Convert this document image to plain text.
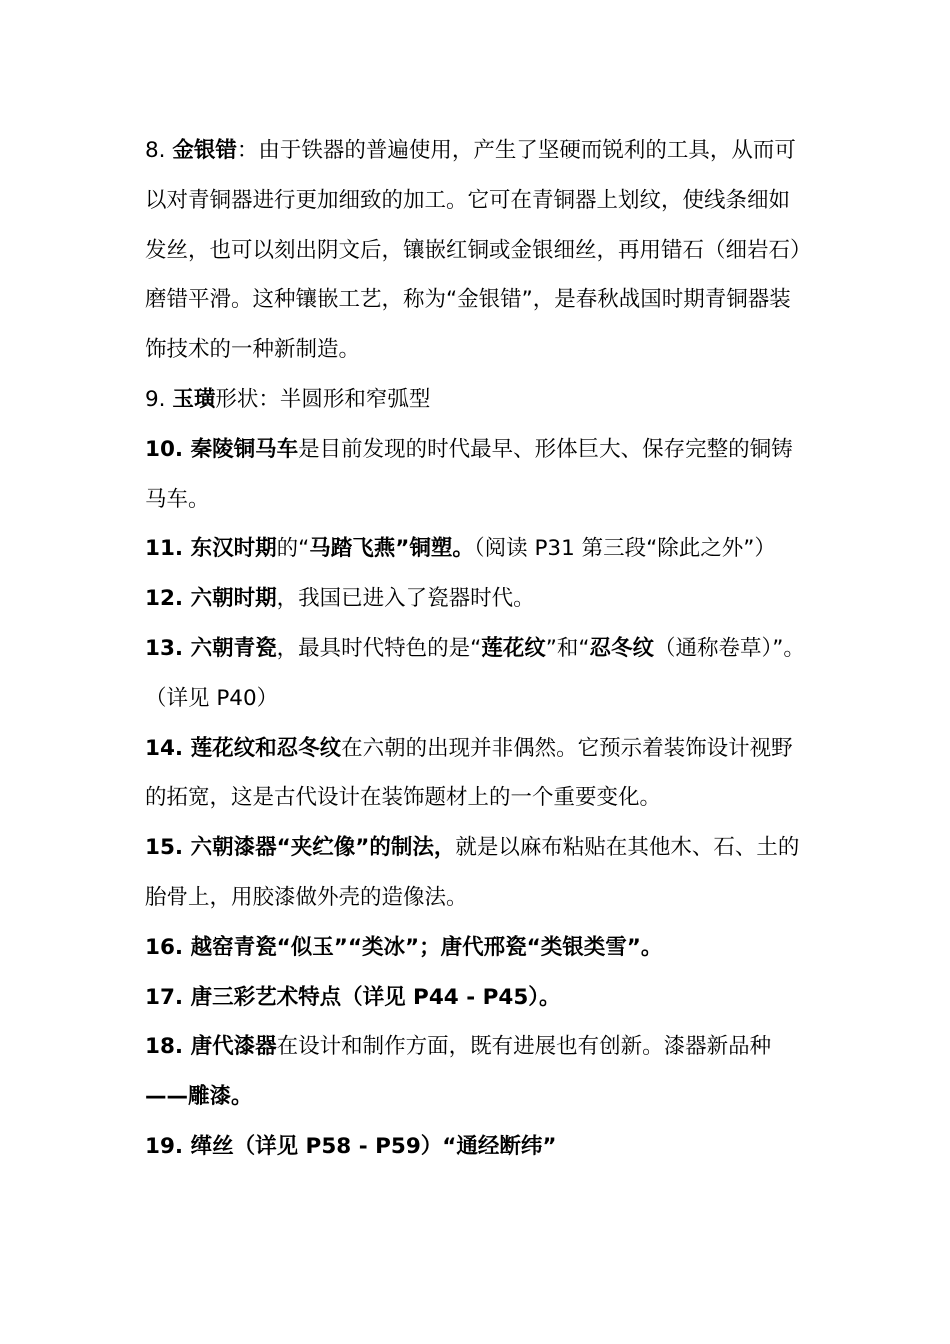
8. 金银错：由于铁器的普遍使用，产生了坚硬而锐利的工具，从而可以对青铜器进行更加细致的加工。它可在青铜器上划纹，使线条细如发丝，也可以刻出阴文后，镶嵌红铜或金银细丝，再用错石（细岩石）磨错平滑。这种镶嵌工艺，称为“金银错”，是春秋战国时期青铜器装饰技术的一种新制造。

9. 玉璜形状：半圆形和窄弧型

10. 秦陵铜马车是目前发现的时代最早、形体巨大、保存完整的铜铸马车。

11. 东汉时期的“马踏飞燕”铜塑。（阅读 P31 第三段“除此之外”）

12. 六朝时期，我国已进入了瓷器时代。

13. 六朝青瓷，最具时代特色的是“莲花纹”和“忍冬纹（通称卷草）”。（详见 P40）

14. 莲花纹和忍冬纹在六朝的出现并非偶然。它预示着装饰设计视野的拓宽，这是古代设计在装饰题材上的一个重要变化。

15. 六朝漆器“夹纻像”的制法，就是以麻布粘贴在其他木、石、土的胎骨上，用胶漆做外壳的造像法。

16. 越窑青瓷“似玉”“类冰”；唐代邢瓷“类银类雪”。

17. 唐三彩艺术特点（详见 P44 - P45）。

18. 唐代漆器在设计和制作方面，既有进展也有创新。漆器新品种——雕漆。

19. 缂丝（详见 P58 - P59）“通经断纬”
